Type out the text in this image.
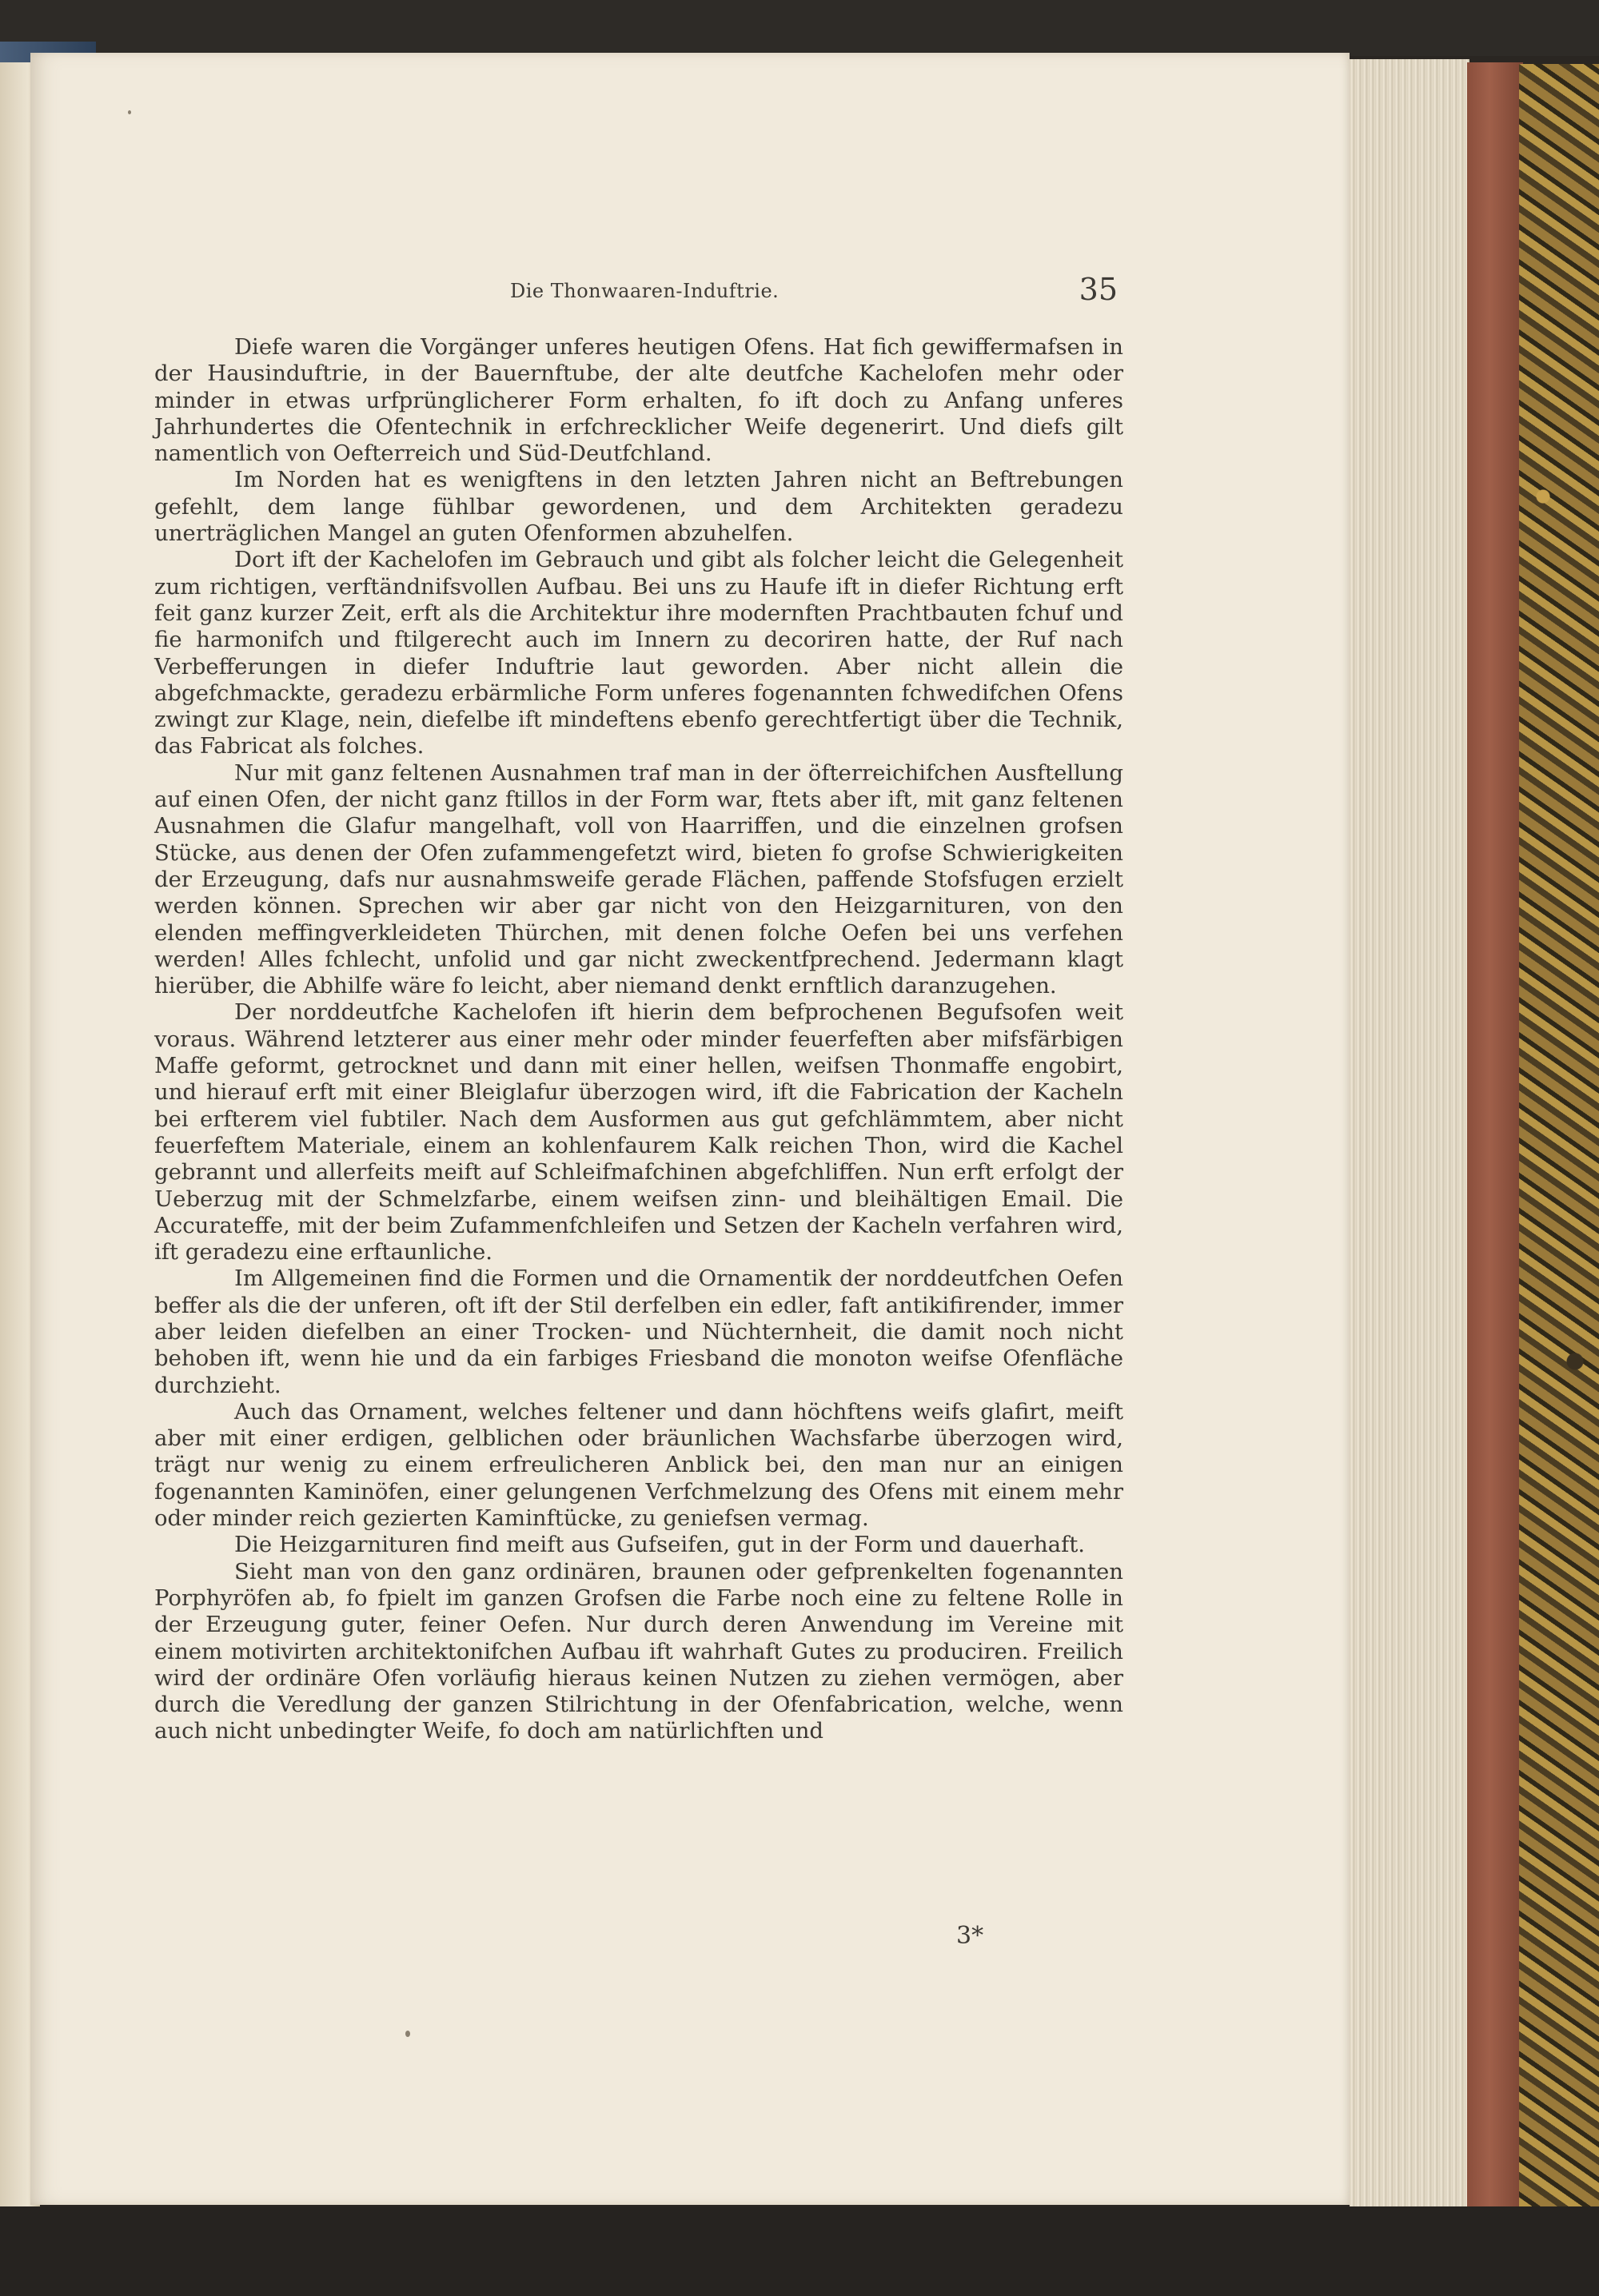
Die Thonwaaren-Induftrie.	35

Diefe waren die Vorgänger unferes heutigen Ofens. Hat fich gewiffermafsen in der Hausinduftrie, in der Bauernftube, der alte deutfche Kachelofen mehr oder minder in etwas urfprünglicherer Form erhalten, fo ift doch zu Anfang unferes Jahrhundertes die Ofentechnik in erfchrecklicher Weife degenerirt. Und diefs gilt namentlich von Oefterreich und Süd-Deutfchland.

Im Norden hat es wenigftens in den letzten Jahren nicht an Beftrebungen gefehlt, dem lange fühlbar gewordenen, und dem Architekten geradezu unerträglichen Mangel an guten Ofenformen abzuhelfen.

Dort ift der Kachelofen im Gebrauch und gibt als folcher leicht die Gelegenheit zum richtigen, verftändnifsvollen Aufbau. Bei uns zu Haufe ift in diefer Richtung erft feit ganz kurzer Zeit, erft als die Architektur ihre modernften Prachtbauten fchuf und fie harmonifch und ftilgerecht auch im Innern zu decoriren hatte, der Ruf nach Verbefferungen in diefer Induftrie laut geworden. Aber nicht allein die abgefchmackte, geradezu erbärmliche Form unferes fogenannten fchwedifchen Ofens zwingt zur Klage, nein, diefelbe ift mindeftens ebenfo gerechtfertigt über die Technik, das Fabricat als folches.

Nur mit ganz feltenen Ausnahmen traf man in der öfterreichifchen Ausftellung auf einen Ofen, der nicht ganz ftillos in der Form war, ftets aber ift, mit ganz feltenen Ausnahmen die Glafur mangelhaft, voll von Haarriffen, und die einzelnen grofsen Stücke, aus denen der Ofen zufammengefetzt wird, bieten fo grofse Schwierigkeiten der Erzeugung, dafs nur ausnahmsweife gerade Flächen, paffende Stofsfugen erzielt werden können. Sprechen wir aber gar nicht von den Heizgarnituren, von den elenden meffingverkleideten Thürchen, mit denen folche Oefen bei uns verfehen werden! Alles fchlecht, unfolid und gar nicht zweckentfprechend. Jedermann klagt hierüber, die Abhilfe wäre fo leicht, aber niemand denkt ernftlich daranzugehen.

Der norddeutfche Kachelofen ift hierin dem befprochenen Begufsofen weit voraus. Während letzterer aus einer mehr oder minder feuerfeften aber mifsfärbigen Maffe geformt, getrocknet und dann mit einer hellen, weifsen Thonmaffe engobirt, und hierauf erft mit einer Bleiglafur überzogen wird, ift die Fabrication der Kacheln bei erfterem viel fubtiler. Nach dem Ausformen aus gut gefchlämmtem, aber nicht feuerfeftem Materiale, einem an kohlenfaurem Kalk reichen Thon, wird die Kachel gebrannt und allerfeits meift auf Schleifmafchinen abgefchliffen. Nun erft erfolgt der Ueberzug mit der Schmelzfarbe, einem weifsen zinn- und bleihältigen Email. Die Accurateffe, mit der beim Zufammenfchleifen und Setzen der Kacheln verfahren wird, ift geradezu eine erftaunliche.

Im Allgemeinen find die Formen und die Ornamentik der norddeutfchen Oefen beffer als die der unferen, oft ift der Stil derfelben ein edler, faft antikifirender, immer aber leiden diefelben an einer Trocken- und Nüchternheit, die damit noch nicht behoben ift, wenn hie und da ein farbiges Friesband die monoton weifse Ofenfläche durchzieht.

Auch das Ornament, welches feltener und dann höchftens weifs glafirt, meift aber mit einer erdigen, gelblichen oder bräunlichen Wachsfarbe überzogen wird, trägt nur wenig zu einem erfreulicheren Anblick bei, den man nur an einigen fogenannten Kaminöfen, einer gelungenen Verfchmelzung des Ofens mit einem mehr oder minder reich gezierten Kaminftücke, zu geniefsen vermag.

Die Heizgarnituren find meift aus Gufseifen, gut in der Form und dauerhaft.

Sieht man von den ganz ordinären, braunen oder gefprenkelten fogenannten Porphyröfen ab, fo fpielt im ganzen Grofsen die Farbe noch eine zu feltene Rolle in der Erzeugung guter, feiner Oefen. Nur durch deren Anwendung im Vereine mit einem motivirten architektonifchen Aufbau ift wahrhaft Gutes zu produciren. Freilich wird der ordinäre Ofen vorläufig hieraus keinen Nutzen zu ziehen vermögen, aber durch die Veredlung der ganzen Stilrichtung in der Ofenfabrication, welche, wenn auch nicht unbedingter Weife, fo doch am natürlichften und

3*
